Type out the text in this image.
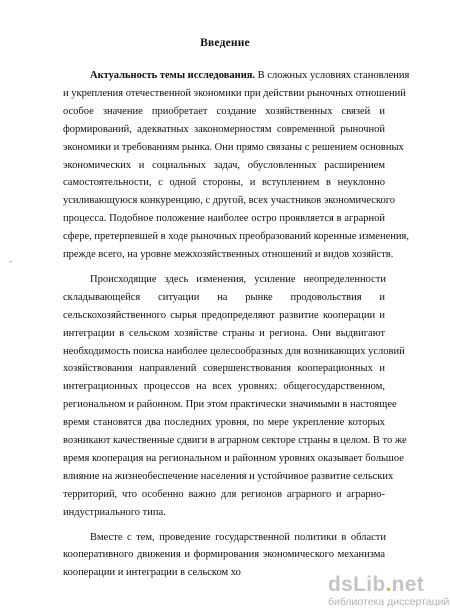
Введение
-
Актуальность темы исследования. В сложных условиях становления
и укрепления отечественной экономики при действии рыночных отношений
особое значение приобретает создание хозяйственных связей и
формирований, адекватных закономерностям современной рыночной
экономики и требованиям рынка. Они прямо связаны с решением основных
экономических и социальных задач, обусловленных расширением
самостоятельности, с одной стороны, и вступлением в неуклонно
усиливающуюся конкуренцию, с другой, всех участников экономического
процесса. Подобное положение наиболее остро проявляется в аграрной
сфере, претерпевшей в ходе рыночных преобразований коренные изменения,
прежде всего, на уровне межхозяйственных отношений и видов хозяйств.
Происходящие здесь изменения, усиление неопределенности
складывающейся ситуации на рынке продовольствия и
сельскохозяйственного сырья предопределяют развитие кооперации и
интеграции в сельском хозяйстве страны и региона. Они выдвигают
необходимость поиска наиболее целесообразных для возникающих условий
хозяйствования направлений совершенствования кооперационных и
интеграционных процессов на всех уровнях: общегосударственном,
региональном и районном. При этом практически значимыми в настоящее
время становятся два последних уровня, по мере укрепление которых
возникают качественные сдвиги в аграрном секторе страны в целом. В то же
время кооперация на региональном и районном уровнях оказывает большое
влияние на жизнеобеспечение населения и устойчивое развитие сельских
территорий, что особенно важно для регионов аграрного и аграрно-
индустриального типа.
Вместе с тем, проведение государственной политики в области
кооперативного движения и формирования экономического механизма
кооперации и интеграции в сельском хо
dsLib.net
библиотека диссертаций
